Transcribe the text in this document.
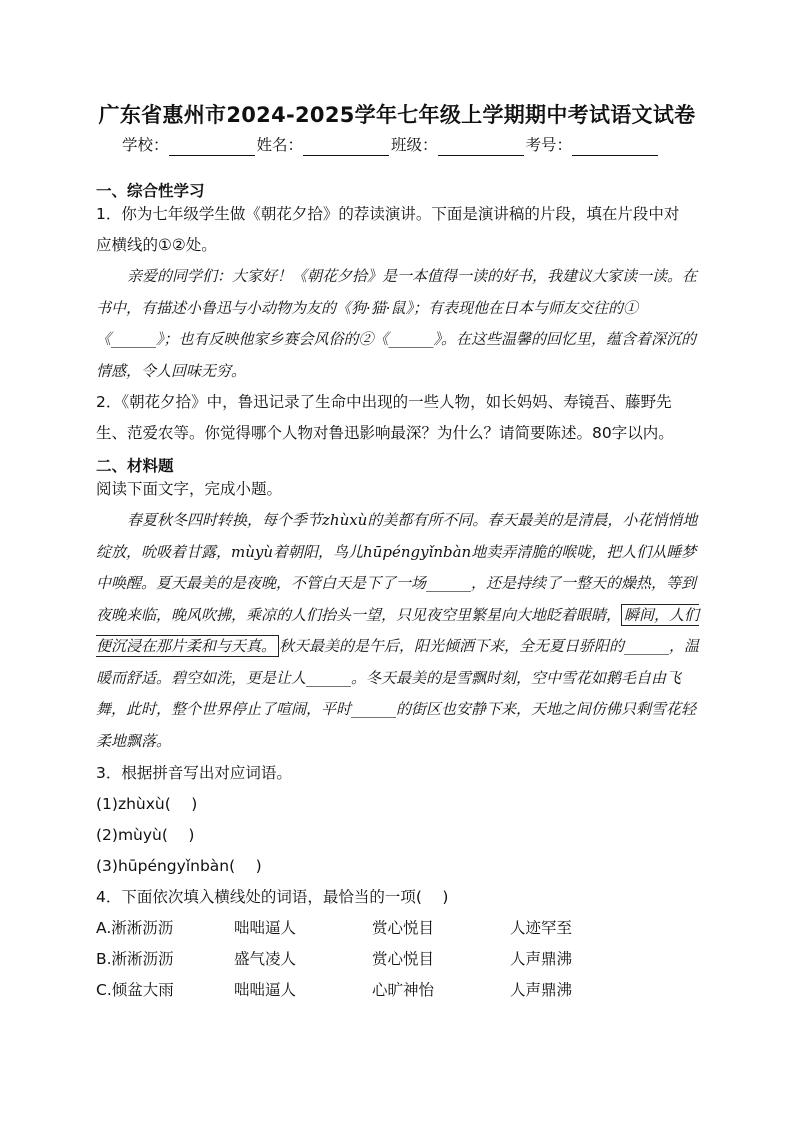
广东省惠州市2024-2025学年七年级上学期期中考试语文试卷
学校：	姓名：	班级：	考号：
一、综合性学习
1．你为七年级学生做《朝花夕拾》的荐读演讲。下面是演讲稿的片段，填在片段中对
应横线的①②处。
亲爱的同学们：大家好！《朝花夕拾》是一本值得一读的好书，我建议大家读一读。在书中，有描述小鲁迅与小动物为友的《狗·猫·鼠》；有表现他在日本与师友交往的①《______》；也有反映他家乡赛会风俗的②《______》。在这些温馨的回忆里，蕴含着深沉的情感，令人回味无穷。
2．《朝花夕拾》中，鲁迅记录了生命中出现的一些人物，如长妈妈、寿镜吾、藤野先
生、范爱农等。你觉得哪个人物对鲁迅影响最深？为什么？请简要陈述。80字以内。
二、材料题
阅读下面文字，完成小题。
春夏秋冬四时转换，每个季节zhùxù的美都有所不同。春天最美的是清晨，小花悄悄地绽放，吮吸着甘露，mùyù着朝阳，鸟儿hūpéngyǐnbàn地卖弄清脆的喉咙，把人们从睡梦中唤醒。夏天最美的是夜晚，不管白天是下了一场______，还是持续了一整天的燥热，等到夜晚来临，晚风吹拂，乘凉的人们抬头一望，只见夜空里繁星向大地眨着眼睛， 瞬间，人们便沉浸在那片柔和与天真。 秋天最美的是午后，阳光倾洒下来，全无夏日骄阳的______，温暖而舒适。碧空如洗，更是让人______。冬天最美的是雪飘时刻，空中雪花如鹅毛自由飞舞，此时，整个世界停止了喧闹，平时______的街区也安静下来，天地之间仿佛只剩雪花轻柔地飘落。
3．根据拼音写出对应词语。
(1)zhùxù(　 )
(2)mùyù(　 )
(3)hūpéngyǐnbàn(　 )
4．下面依次填入横线处的词语，最恰当的一项(　 )
A.淅淅沥沥	咄咄逼人	赏心悦目	人迹罕至
B.淅淅沥沥	盛气凌人	赏心悦目	人声鼎沸
C.倾盆大雨	咄咄逼人	心旷神怡	人声鼎沸
